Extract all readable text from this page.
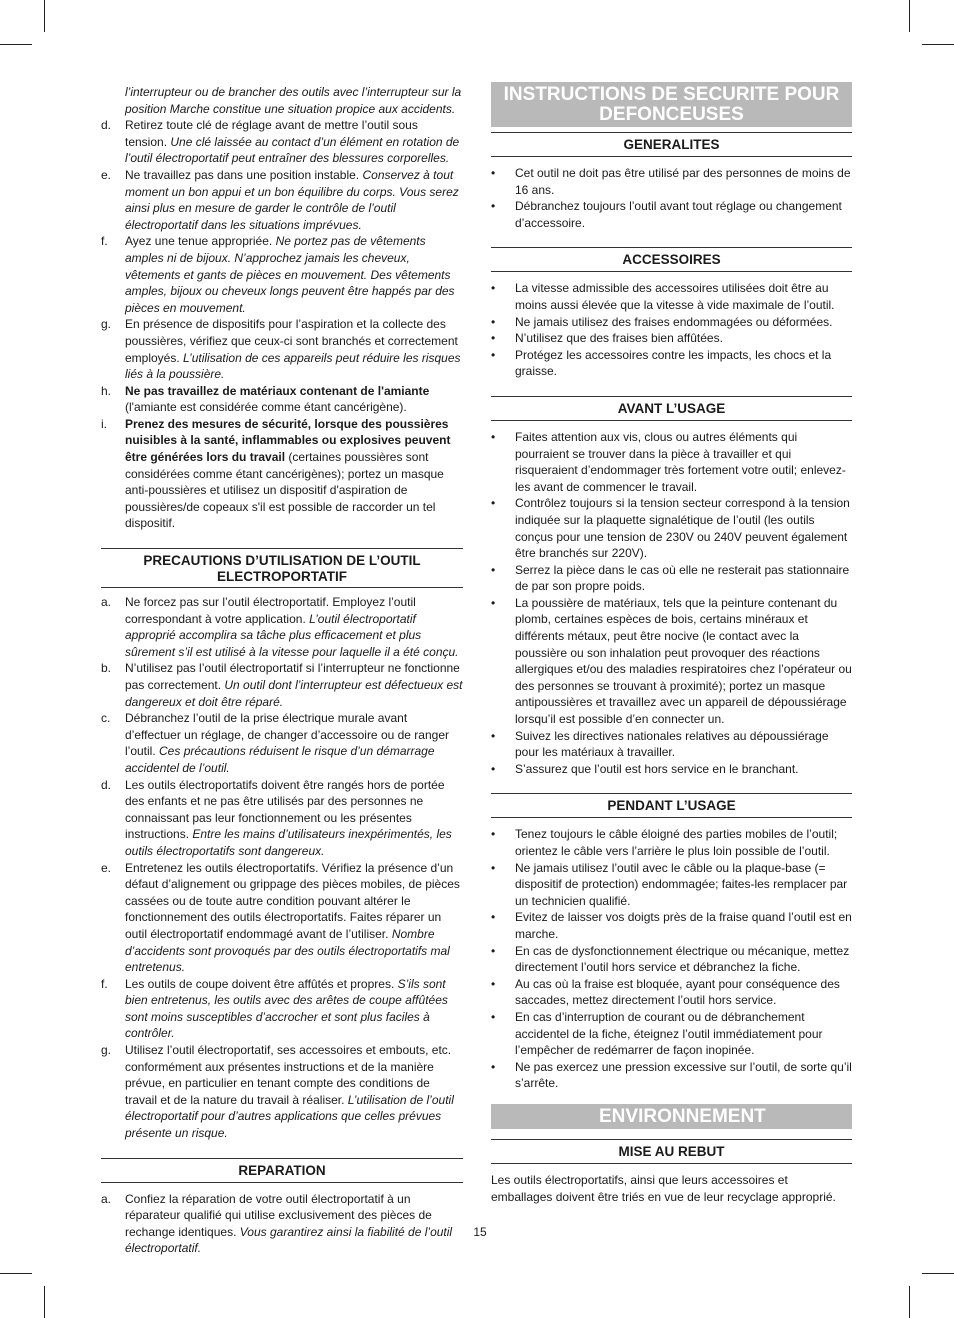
l’interrupteur ou de brancher des outils avec l’interrupteur sur la position Marche constitue une situation propice aux accidents.
d.	Retirez toute clé de réglage avant de mettre l’outil sous tension. Une clé laissée au contact d’un élément en rotation de l’outil électroportatif peut entraîner des blessures corporelles.
e.	Ne travaillez pas dans une position instable. Conservez à tout moment un bon appui et un bon équilibre du corps. Vous serez ainsi plus en mesure de garder le contrôle de l’outil électroportatif dans les situations imprévues.
f.	Ayez une tenue appropriée. Ne portez pas de vêtements amples ni de bijoux. N’approchez jamais les cheveux, vêtements et gants de pièces en mouvement. Des vêtements amples, bijoux ou cheveux longs peuvent être happés par des pièces en mouvement.
g.	En présence de dispositifs pour l’aspiration et la collecte des poussières, vérifiez que ceux-ci sont branchés et correctement employés. L’utilisation de ces appareils peut réduire les risques liés à la poussière.
h.	Ne pas travaillez de matériaux contenant de l'amiante (l'amiante est considérée comme étant cancérigène).
i.	Prenez des mesures de sécurité, lorsque des poussières nuisibles à la santé, inflammables ou explosives peuvent être générées lors du travail (certaines poussières sont considérées comme étant cancérigènes); portez un masque anti-poussières et utilisez un dispositif d'aspiration de poussières/de copeaux s'il est possible de raccorder un tel dispositif.
PRECAUTIONS D’UTILISATION DE L’OUTIL ELECTROPORTATIF
a.	Ne forcez pas sur l’outil électroportatif. Employez l’outil correspondant à votre application. L’outil électroportatif approprié accomplira sa tâche plus efficacement et plus sûrement s’il est utilisé à la vitesse pour laquelle il a été conçu.
b.	N’utilisez pas l’outil électroportatif si l’interrupteur ne fonctionne pas correctement. Un outil dont l’interrupteur est défectueux est dangereux et doit être réparé.
c.	Débranchez l’outil de la prise électrique murale avant d’effectuer un réglage, de changer d’accessoire ou de ranger l’outil. Ces précautions réduisent le risque d’un démarrage accidentel de l’outil.
d.	Les outils électroportatifs doivent être rangés hors de portée des enfants et ne pas être utilisés par des personnes ne connaissant pas leur fonctionnement ou les présentes instructions. Entre les mains d’utilisateurs inexpérimentés, les outils électroportatifs sont dangereux.
e.	Entretenez les outils électroportatifs. Vérifiez la présence d’un défaut d’alignement ou grippage des pièces mobiles, de pièces cassées ou de toute autre condition pouvant altérer le fonctionnement des outils électroportatifs. Faites réparer un outil électroportatif endommagé avant de l’utiliser. Nombre d’accidents sont provoqués par des outils électroportatifs mal entretenus.
f.	Les outils de coupe doivent être affûtés et propres. S’ils sont bien entretenus, les outils avec des arêtes de coupe affûtées sont moins susceptibles d’accrocher et sont plus faciles à contrôler.
g.	Utilisez l’outil électroportatif, ses accessoires et embouts, etc. conformément aux présentes instructions et de la manière prévue, en particulier en tenant compte des conditions de travail et de la nature du travail à réaliser. L’utilisation de l’outil électroportatif pour d’autres applications que celles prévues présente un risque.
REPARATION
a.	Confiez la réparation de votre outil électroportatif à un réparateur qualifié qui utilise exclusivement des pièces de rechange identiques. Vous garantirez ainsi la fiabilité de l’outil électroportatif.
INSTRUCTIONS DE SECURITE POUR DEFONCEUSES
GENERALITES
•	Cet outil ne doit pas être utilisé par des personnes de moins de 16 ans.
•	Débranchez toujours l’outil avant tout réglage ou changement d’accessoire.
ACCESSOIRES
•	La vitesse admissible des accessoires utilisées doit être au moins aussi élevée que la vitesse à vide maximale de l’outil.
•	Ne jamais utilisez des fraises endommagées ou déformées.
•	N’utilisez que des fraises bien affûtées.
•	Protégez les accessoires contre les impacts, les chocs et la graisse.
AVANT L’USAGE
•	Faites attention aux vis, clous ou autres éléments qui pourraient se trouver dans la pièce à travailler et qui risqueraient d’endommager très fortement votre outil; enlevez-les avant de commencer le travail.
•	Contrôlez toujours si la tension secteur correspond à la tension indiquée sur la plaquette signalétique de l’outil (les outils conçus pour une tension de 230V ou 240V peuvent également être branchés sur 220V).
•	Serrez la pièce dans le cas où elle ne resterait pas stationnaire de par son propre poids.
•	La poussière de matériaux, tels que la peinture contenant du plomb, certaines espèces de bois, certains minéraux et différents métaux, peut être nocive (le contact avec la poussière ou son inhalation peut provoquer des réactions allergiques et/ou des maladies respiratoires chez l’opérateur ou des personnes se trouvant à proximité); portez un masque antipoussières et travaillez avec un appareil de dépoussiérage lorsqu’il est possible d’en connecter un.
•	Suivez les directives nationales relatives au dépoussiérage pour les matériaux à travailler.
•	S’assurez que l’outil est hors service en le branchant.
PENDANT L’USAGE
•	Tenez toujours le câble éloigné des parties mobiles de l’outil; orientez le câble vers l’arrière le plus loin possible de l’outil.
•	Ne jamais utilisez l’outil avec le câble ou la plaque-base (= dispositif de protection) endommagée; faites-les remplacer par un technicien qualifié.
•	Evitez de laisser vos doigts près de la fraise quand l’outil est en marche.
•	En cas de dysfonctionnement électrique ou mécanique, mettez directement l’outil hors service et débranchez la fiche.
•	Au cas où la fraise est bloquée, ayant pour conséquence des saccades, mettez directement l’outil hors service.
•	En cas d’interruption de courant ou de débranchement accidentel de la fiche, éteignez l’outil immédiatement pour l’empêcher de redémarrer de façon inopinée.
•	Ne pas exercez une pression excessive sur l’outil, de sorte qu’il s’arrête.
ENVIRONNEMENT
MISE AU REBUT
Les outils électroportatifs, ainsi que leurs accessoires et emballages doivent être triés en vue de leur recyclage approprié.
15
